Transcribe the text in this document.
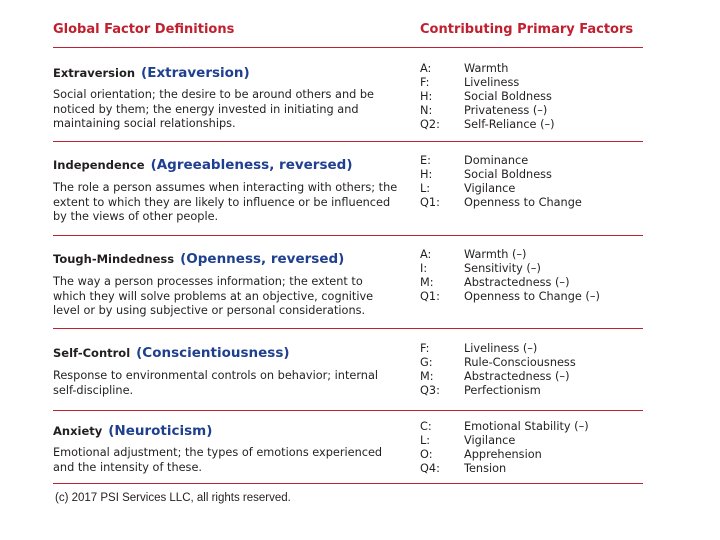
Global Factor Definitions	Contributing Primary Factors
Extraversion (Extraversion)
Social orientation; the desire to be around others and be noticed by them; the energy invested in initiating and maintaining social relationships.
A:	Warmth
F:	Liveliness
H:	Social Boldness
N:	Privateness (–)
Q2: Self-Reliance (–)
Independence (Agreeableness, reversed)
The role a person assumes when interacting with others; the extent to which they are likely to influence or be influenced by the views of other people.
E:	Dominance
H:	Social Boldness
L:	Vigilance
Q1: Openness to Change
Tough-Mindedness (Openness, reversed)
The way a person processes information; the extent to which they will solve problems at an objective, cognitive level or by using subjective or personal considerations.
A:	Warmth (–)
I:	Sensitivity (–)
M:	Abstractedness (–)
Q1: Openness to Change (–)
Self-Control (Conscientiousness)
Response to environmental controls on behavior; internal self-discipline.
F:	Liveliness (–)
G:	Rule-Consciousness
M:	Abstractedness (–)
Q3: Perfectionism
Anxiety (Neuroticism)
Emotional adjustment; the types of emotions experienced and the intensity of these.
C:	Emotional Stability (–)
L:	Vigilance
O:	Apprehension
Q4: Tension
(c) 2017 PSI Services LLC, all rights reserved.
